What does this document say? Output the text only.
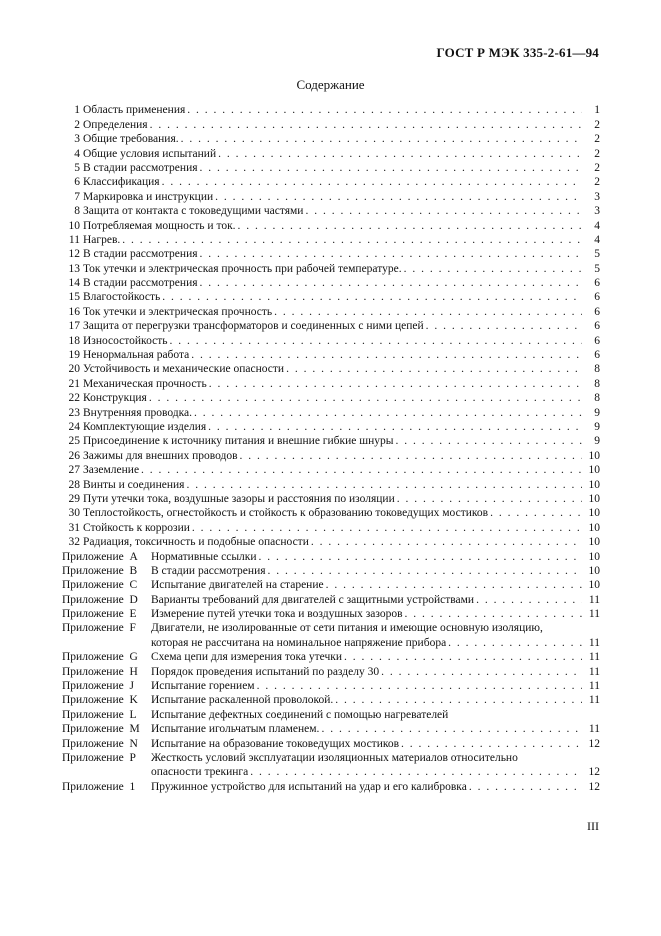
ГОСТ Р МЭК 335-2-61—94
Содержание
1 Область применения . . .	1
2 Определения . . .	2
3 Общие требования. . . .	2
4 Общие условия испытаний . . .	2
5 В стадии рассмотрения . . .	2
6 Классификация . . .	2
7 Маркировка и инструкции . . .	3
8 Защита от контакта с токоведущими частями . . .	3
10 Потребляемая мощность и ток. . . .	4
11 Нагрев. . . .	4
12 В стадии рассмотрения . . .	5
13 Ток утечки и электрическая прочность при рабочей температуре. . . .	5
14 В стадии рассмотрения . . .	6
15 Влагостойкость . . .	6
16 Ток утечки и электрическая прочность . . .	6
17 Защита от перегрузки трансформаторов и соединенных с ними цепей . . .	6
18 Износостойкость . . .	6
19 Ненормальная работа . . .	6
20 Устойчивость и механические опасности . . .	8
21 Механическая прочность . . .	8
22 Конструкция . . .	8
23 Внутренняя проводка. . . .	9
24 Комплектующие изделия . . .	9
25 Присоединение к источнику питания и внешние гибкие шнуры . . .	9
26 Зажимы для внешних проводов . . .	10
27 Заземление . . .	10
28 Винты и соединения . . .	10
29 Пути утечки тока, воздушные зазоры и расстояния по изоляции . . .	10
30 Теплостойкость, огнестойкость и стойкость к образованию токоведущих мостиков . . .	10
31 Стойкость к коррозии . . .	10
32 Радиация, токсичность и подобные опасности . . .	10
Приложение A	Нормативные ссылки . . .	10
Приложение B	В стадии рассмотрения . . .	10
Приложение C	Испытание двигателей на старение . . .	10
Приложение D	Варианты требований для двигателей с защитными устройствами . . .	11
Приложение E	Измерение путей утечки тока и воздушных зазоров . . .	11
Приложение F	Двигатели, не изолированные от сети питания и имеющие основную изоляцию,
которая не рассчитана на номинальное напряжение прибора . . .	11
Приложение G	Схема цепи для измерения тока утечки . . .	11
Приложение H	Порядок проведения испытаний по разделу 30 . . .	11
Приложение J	Испытание горением . . .	11
Приложение K	Испытание раскаленной проволокой. . . .	11
Приложение L	Испытание дефектных соединений с помощью нагревателей
Приложение M Испытание игольчатым пламенем. . . .	11
Приложение N	Испытание на образование токоведущих мостиков . . .	12
Приложение P	Жесткость условий эксплуатации изоляционных материалов относительно
опасности трекинга . . .	12
Приложение 1	Пружинное устройство для испытаний на удар и его калибровка . . .	12
III
